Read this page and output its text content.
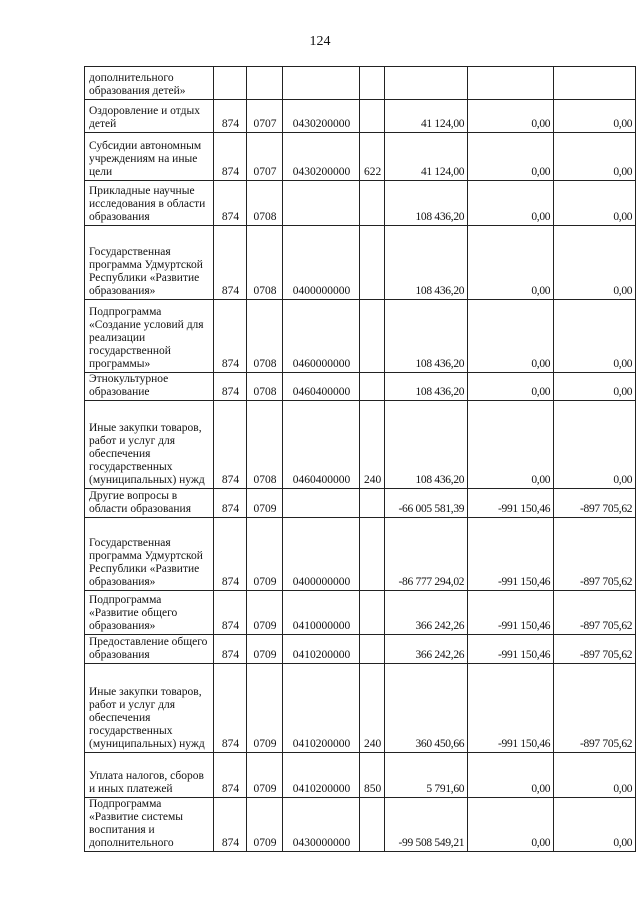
124
дополнительного образования детей»							
Оздоровление и отдых детей	874	0707	0430200000		41 124,00	0,00	0,00
Субсидии автономным учреждениям на иные цели	874	0707	0430200000	622	41 124,00	0,00	0,00
Прикладные научные исследования в области образования	874	0708			108 436,20	0,00	0,00
Государственная программа Удмуртской Республики «Развитие образования»	874	0708	0400000000		108 436,20	0,00	0,00
Подпрограмма «Создание условий для реализации государственной программы»	874	0708	0460000000		108 436,20	0,00	0,00
Этнокультурное образование	874	0708	0460400000		108 436,20	0,00	0,00
Иные закупки товаров, работ и услуг для обеспечения государственных (муниципальных) нужд	874	0708	0460400000	240	108 436,20	0,00	0,00
Другие вопросы в области образования	874	0709			-66 005 581,39	-991 150,46	-897 705,62
Государственная программа Удмуртской Республики «Развитие образования»	874	0709	0400000000		-86 777 294,02	-991 150,46	-897 705,62
Подпрограмма «Развитие общего образования»	874	0709	0410000000		366 242,26	-991 150,46	-897 705,62
Предоставление общего образования	874	0709	0410200000		366 242,26	-991 150,46	-897 705,62
Иные закупки товаров, работ и услуг для обеспечения государственных (муниципальных) нужд	874	0709	0410200000	240	360 450,66	-991 150,46	-897 705,62
Уплата налогов, сборов и иных платежей	874	0709	0410200000	850	5 791,60	0,00	0,00
Подпрограмма «Развитие системы воспитания и дополнительного	874	0709	0430000000		-99 508 549,21	0,00	0,00
